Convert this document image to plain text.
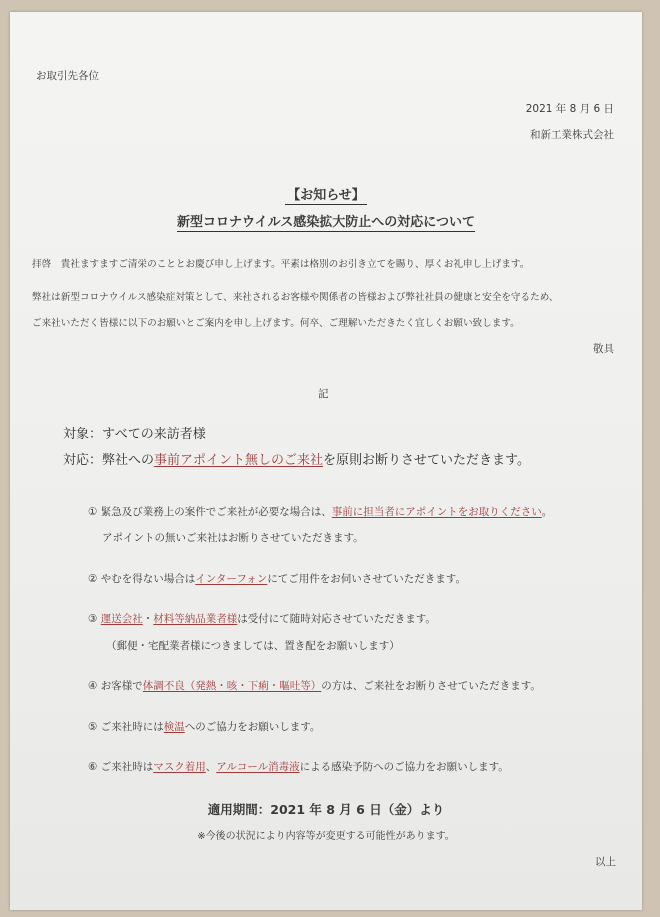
お取引先各位
2021 年 8 月 6 日
和新工業株式会社
【お知らせ】
新型コロナウイルス感染拡大防止への対応について
拝啓　貴社ますますご清栄のこととお慶び申し上げます。平素は格別のお引き立てを賜り、厚くお礼申し上げます。
弊社は新型コロナウイルス感染症対策として、来社されるお客様や関係者の皆様および弊社社員の健康と安全を守るため、
ご来社いただく皆様に以下のお願いとご案内を申し上げます。何卒、ご理解いただきたく宜しくお願い致します。
敬具
記
対象：すべての来訪者様
対応：弊社への事前アポイント無しのご来社を原則お断りさせていただきます。
① 緊急及び業務上の案件でご来社が必要な場合は、事前に担当者にアポイントをお取りください。
アポイントの無いご来社はお断りさせていただきます。
② やむを得ない場合はインターフォンにてご用件をお伺いさせていただきます。
③ 運送会社・材料等納品業者様は受付にて随時対応させていただきます。
（郵便・宅配業者様につきましては、置き配をお願いします）
④ お客様で体調不良（発熱・咳・下痢・嘔吐等）の方は、ご来社をお断りさせていただきます。
⑤ ご来社時には検温へのご協力をお願いします。
⑥ ご来社時はマスク着用、アルコール消毒液による感染予防へのご協力をお願いします。
適用期間：2021 年 8 月 6 日（金）より
※今後の状況により内容等が変更する可能性があります。
以上
